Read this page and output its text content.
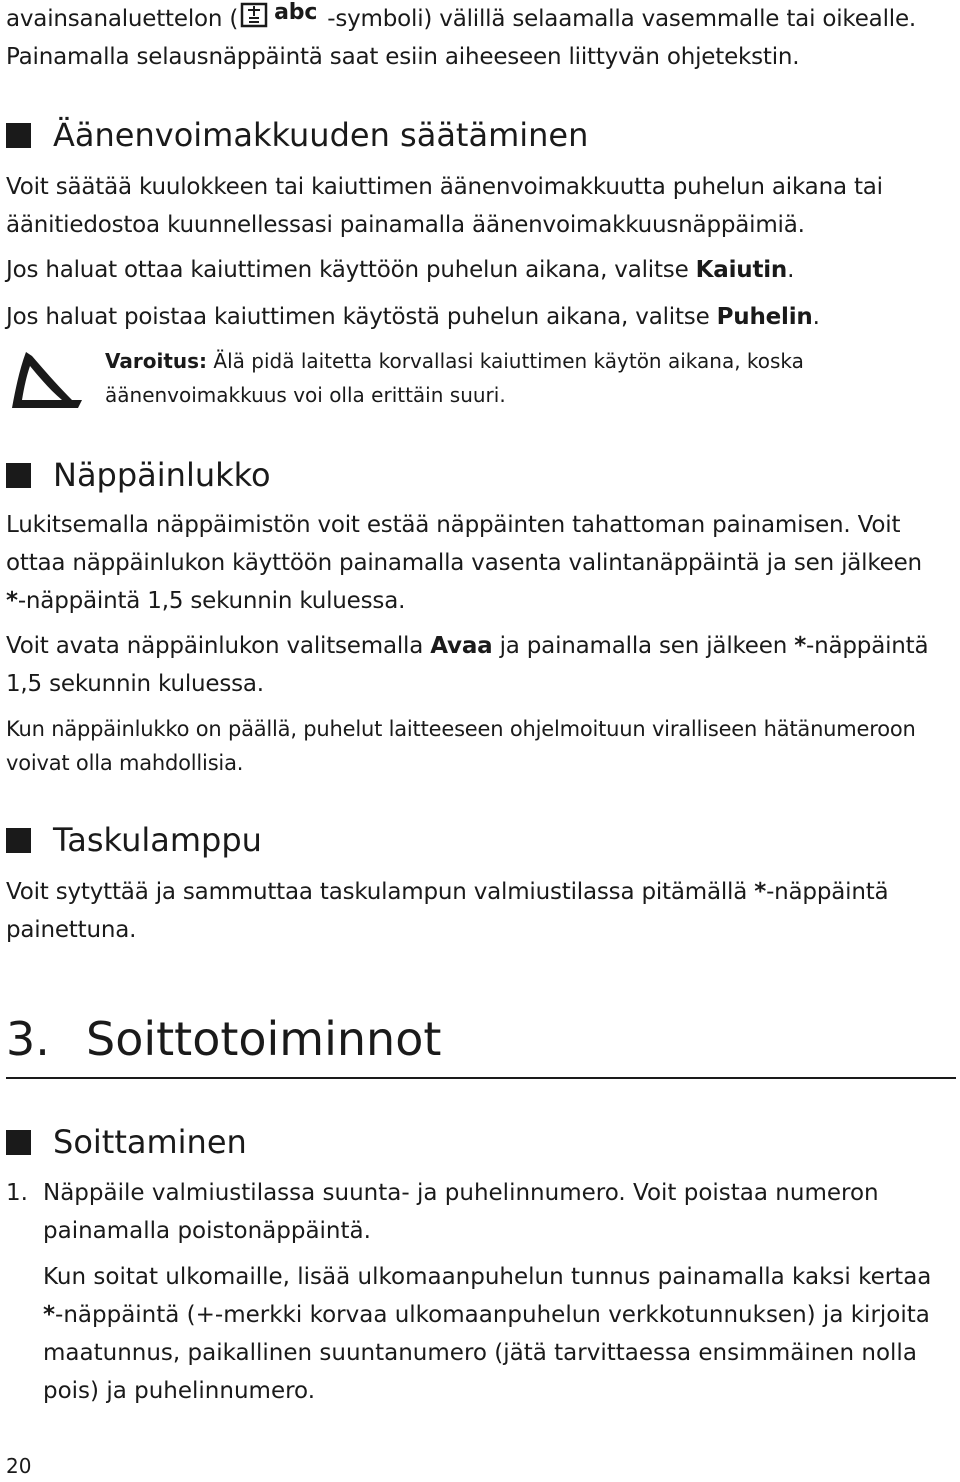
avainsanaluettelon ( abc -symboli) välillä selaamalla vasemmalle tai oikealle.
Painamalla selausnäppäintä saat esiin aiheeseen liittyvän ohjetekstin.

Äänenvoimakkuuden säätäminen

Voit säätää kuulokkeen tai kaiuttimen äänenvoimakkuutta puhelun aikana tai
äänitiedostoa kuunnellessasi painamalla äänenvoimakkuusnäppäimiä.

Jos haluat ottaa kaiuttimen käyttöön puhelun aikana, valitse Kaiutin.

Jos haluat poistaa kaiuttimen käytöstä puhelun aikana, valitse Puhelin.

Varoitus: Älä pidä laitetta korvallasi kaiuttimen käytön aikana, koska
äänenvoimakkuus voi olla erittäin suuri.

Näppäinlukko

Lukitsemalla näppäimistön voit estää näppäinten tahattoman painamisen. Voit
ottaa näppäinlukon käyttöön painamalla vasenta valintanäppäintä ja sen jälkeen
*-näppäintä 1,5 sekunnin kuluessa.

Voit avata näppäinlukon valitsemalla Avaa ja painamalla sen jälkeen *-näppäintä
1,5 sekunnin kuluessa.

Kun näppäinlukko on päällä, puhelut laitteeseen ohjelmoituun viralliseen hätänumeroon
voivat olla mahdollisia.

Taskulamppu

Voit sytyttää ja sammuttaa taskulampun valmiustilassa pitämällä *-näppäintä
painettuna.

3. Soittotoiminnot
Soittaminen
1. Näppäile valmiustilassa suunta- ja puhelinnumero. Voit poistaa numeron
painamalla poistonäppäintä.

Kun soitat ulkomaille, lisää ulkomaanpuhelun tunnus painamalla kaksi kertaa
*-näppäintä (+-merkki korvaa ulkomaanpuhelun verkkotunnuksen) ja kirjoita
maatunnus, paikallinen suuntanumero (jätä tarvittaessa ensimmäinen nolla
pois) ja puhelinnumero.

20
